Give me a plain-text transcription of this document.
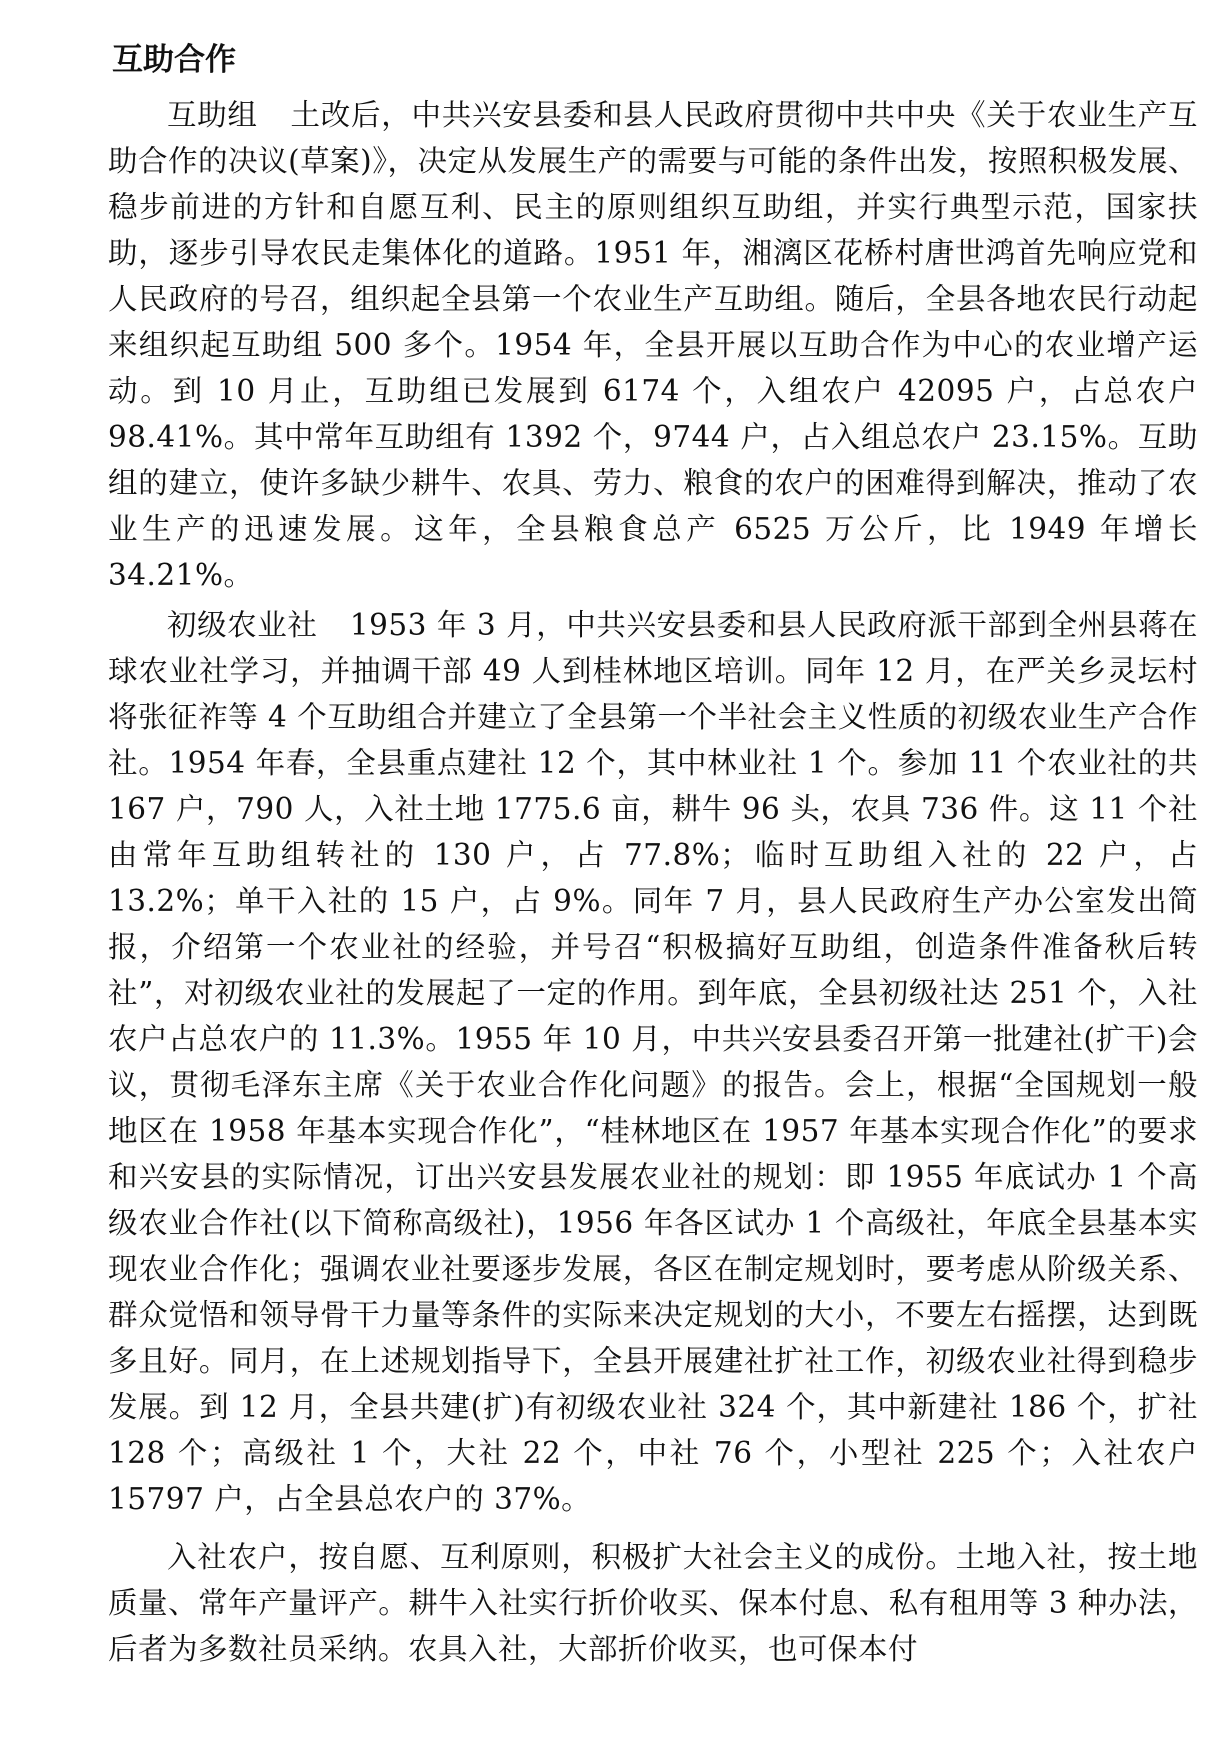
互助合作

互助组 土改后，中共兴安县委和县人民政府贯彻中共中央《关于农业生产互助合作的决议(草案)》，决定从发展生产的需要与可能的条件出发，按照积极发展、稳步前进的方针和自愿互利、民主的原则组织互助组，并实行典型示范，国家扶助，逐步引导农民走集体化的道路。1951 年，湘漓区花桥村唐世鸿首先响应党和人民政府的号召，组织起全县第一个农业生产互助组。随后，全县各地农民行动起来组织起互助组 500 多个。1954 年，全县开展以互助合作为中心的农业增产运动。到 10 月止，互助组已发展到 6174 个，入组农户 42095 户，占总农户 98.41%。其中常年互助组有 1392 个，9744 户，占入组总农户 23.15%。互助组的建立，使许多缺少耕牛、农具、劳力、粮食的农户的困难得到解决，推动了农业生产的迅速发展。这年，全县粮食总产 6525 万公斤，比 1949 年增长 34.21%。

初级农业社 1953 年 3 月，中共兴安县委和县人民政府派干部到全州县蒋在球农业社学习，并抽调干部 49 人到桂林地区培训。同年 12 月，在严关乡灵坛村将张征祚等 4 个互助组合并建立了全县第一个半社会主义性质的初级农业生产合作社。1954 年春，全县重点建社 12 个，其中林业社 1 个。参加 11 个农业社的共 167 户，790 人，入社土地 1775.6 亩，耕牛 96 头，农具 736 件。这 11 个社由常年互助组转社的 130 户，占 77.8%；临时互助组入社的 22 户，占 13.2%；单干入社的 15 户，占 9%。同年 7 月，县人民政府生产办公室发出简报，介绍第一个农业社的经验，并号召“积极搞好互助组，创造条件准备秋后转社”，对初级农业社的发展起了一定的作用。到年底，全县初级社达 251 个，入社农户占总农户的 11.3%。1955 年 10 月，中共兴安县委召开第一批建社(扩干)会议，贯彻毛泽东主席《关于农业合作化问题》的报告。会上，根据“全国规划一般地区在 1958 年基本实现合作化”，“桂林地区在 1957 年基本实现合作化”的要求和兴安县的实际情况，订出兴安县发展农业社的规划：即 1955 年底试办 1 个高级农业合作社(以下简称高级社)，1956 年各区试办 1 个高级社，年底全县基本实现农业合作化；强调农业社要逐步发展，各区在制定规划时，要考虑从阶级关系、群众觉悟和领导骨干力量等条件的实际来决定规划的大小，不要左右摇摆，达到既多且好。同月，在上述规划指导下，全县开展建社扩社工作，初级农业社得到稳步发展。到 12 月，全县共建(扩)有初级农业社 324 个，其中新建社 186 个，扩社 128 个；高级社 1 个，大社 22 个，中社 76 个，小型社 225 个；入社农户 15797 户，占全县总农户的 37%。

入社农户，按自愿、互利原则，积极扩大社会主义的成份。土地入社，按土地质量、常年产量评产。耕牛入社实行折价收买、保本付息、私有租用等 3 种办法，后者为多数社员采纳。农具入社，大部折价收买，也可保本付
